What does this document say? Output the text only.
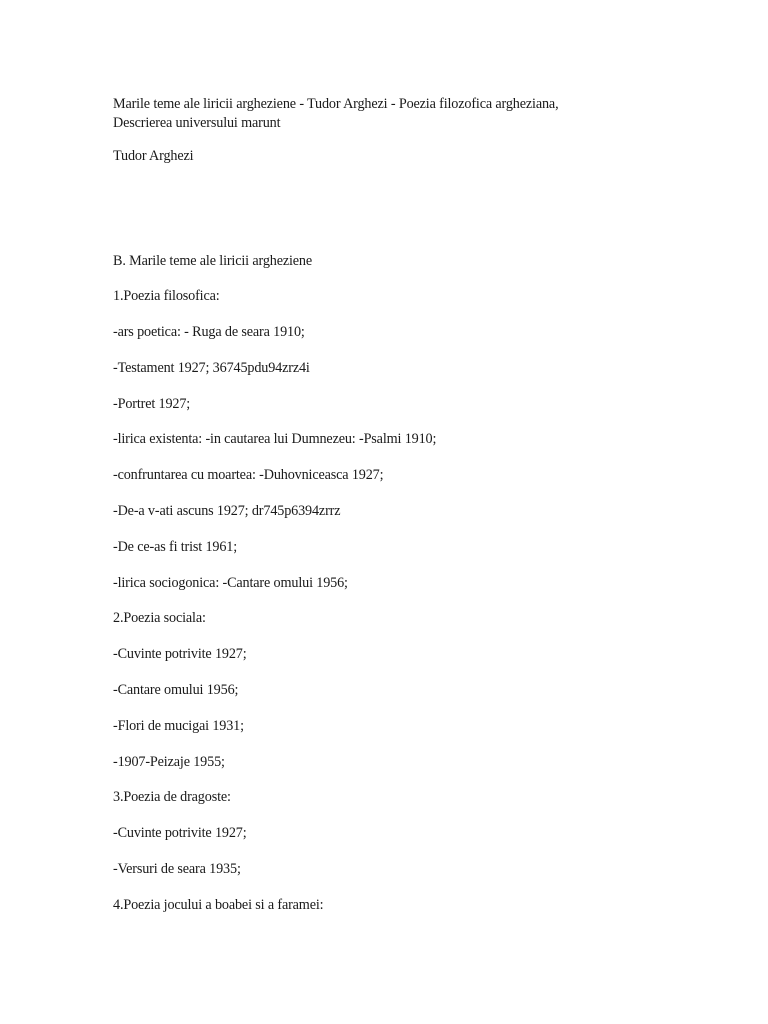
Marile teme ale liricii argheziene - Tudor Arghezi - Poezia filozofica argheziana,
Descrierea universului marunt

Tudor Arghezi

B. Marile teme ale liricii argheziene

1.Poezia filosofica:

-ars poetica: - Ruga de seara 1910;

-Testament 1927; 36745pdu94zrz4i

-Portret 1927;

-lirica existenta: -in cautarea lui Dumnezeu: -Psalmi 1910;

-confruntarea cu moartea: -Duhovniceasca 1927;

-De-a v-ati ascuns 1927; dr745p6394zrrz

-De ce-as fi trist 1961;

-lirica sociogonica: -Cantare omului 1956;

2.Poezia sociala:

-Cuvinte potrivite 1927;

-Cantare omului 1956;

-Flori de mucigai 1931;

-1907-Peizaje 1955;

3.Poezia de dragoste:

-Cuvinte potrivite 1927;

-Versuri de seara 1935;

4.Poezia jocului a boabei si a faramei:
